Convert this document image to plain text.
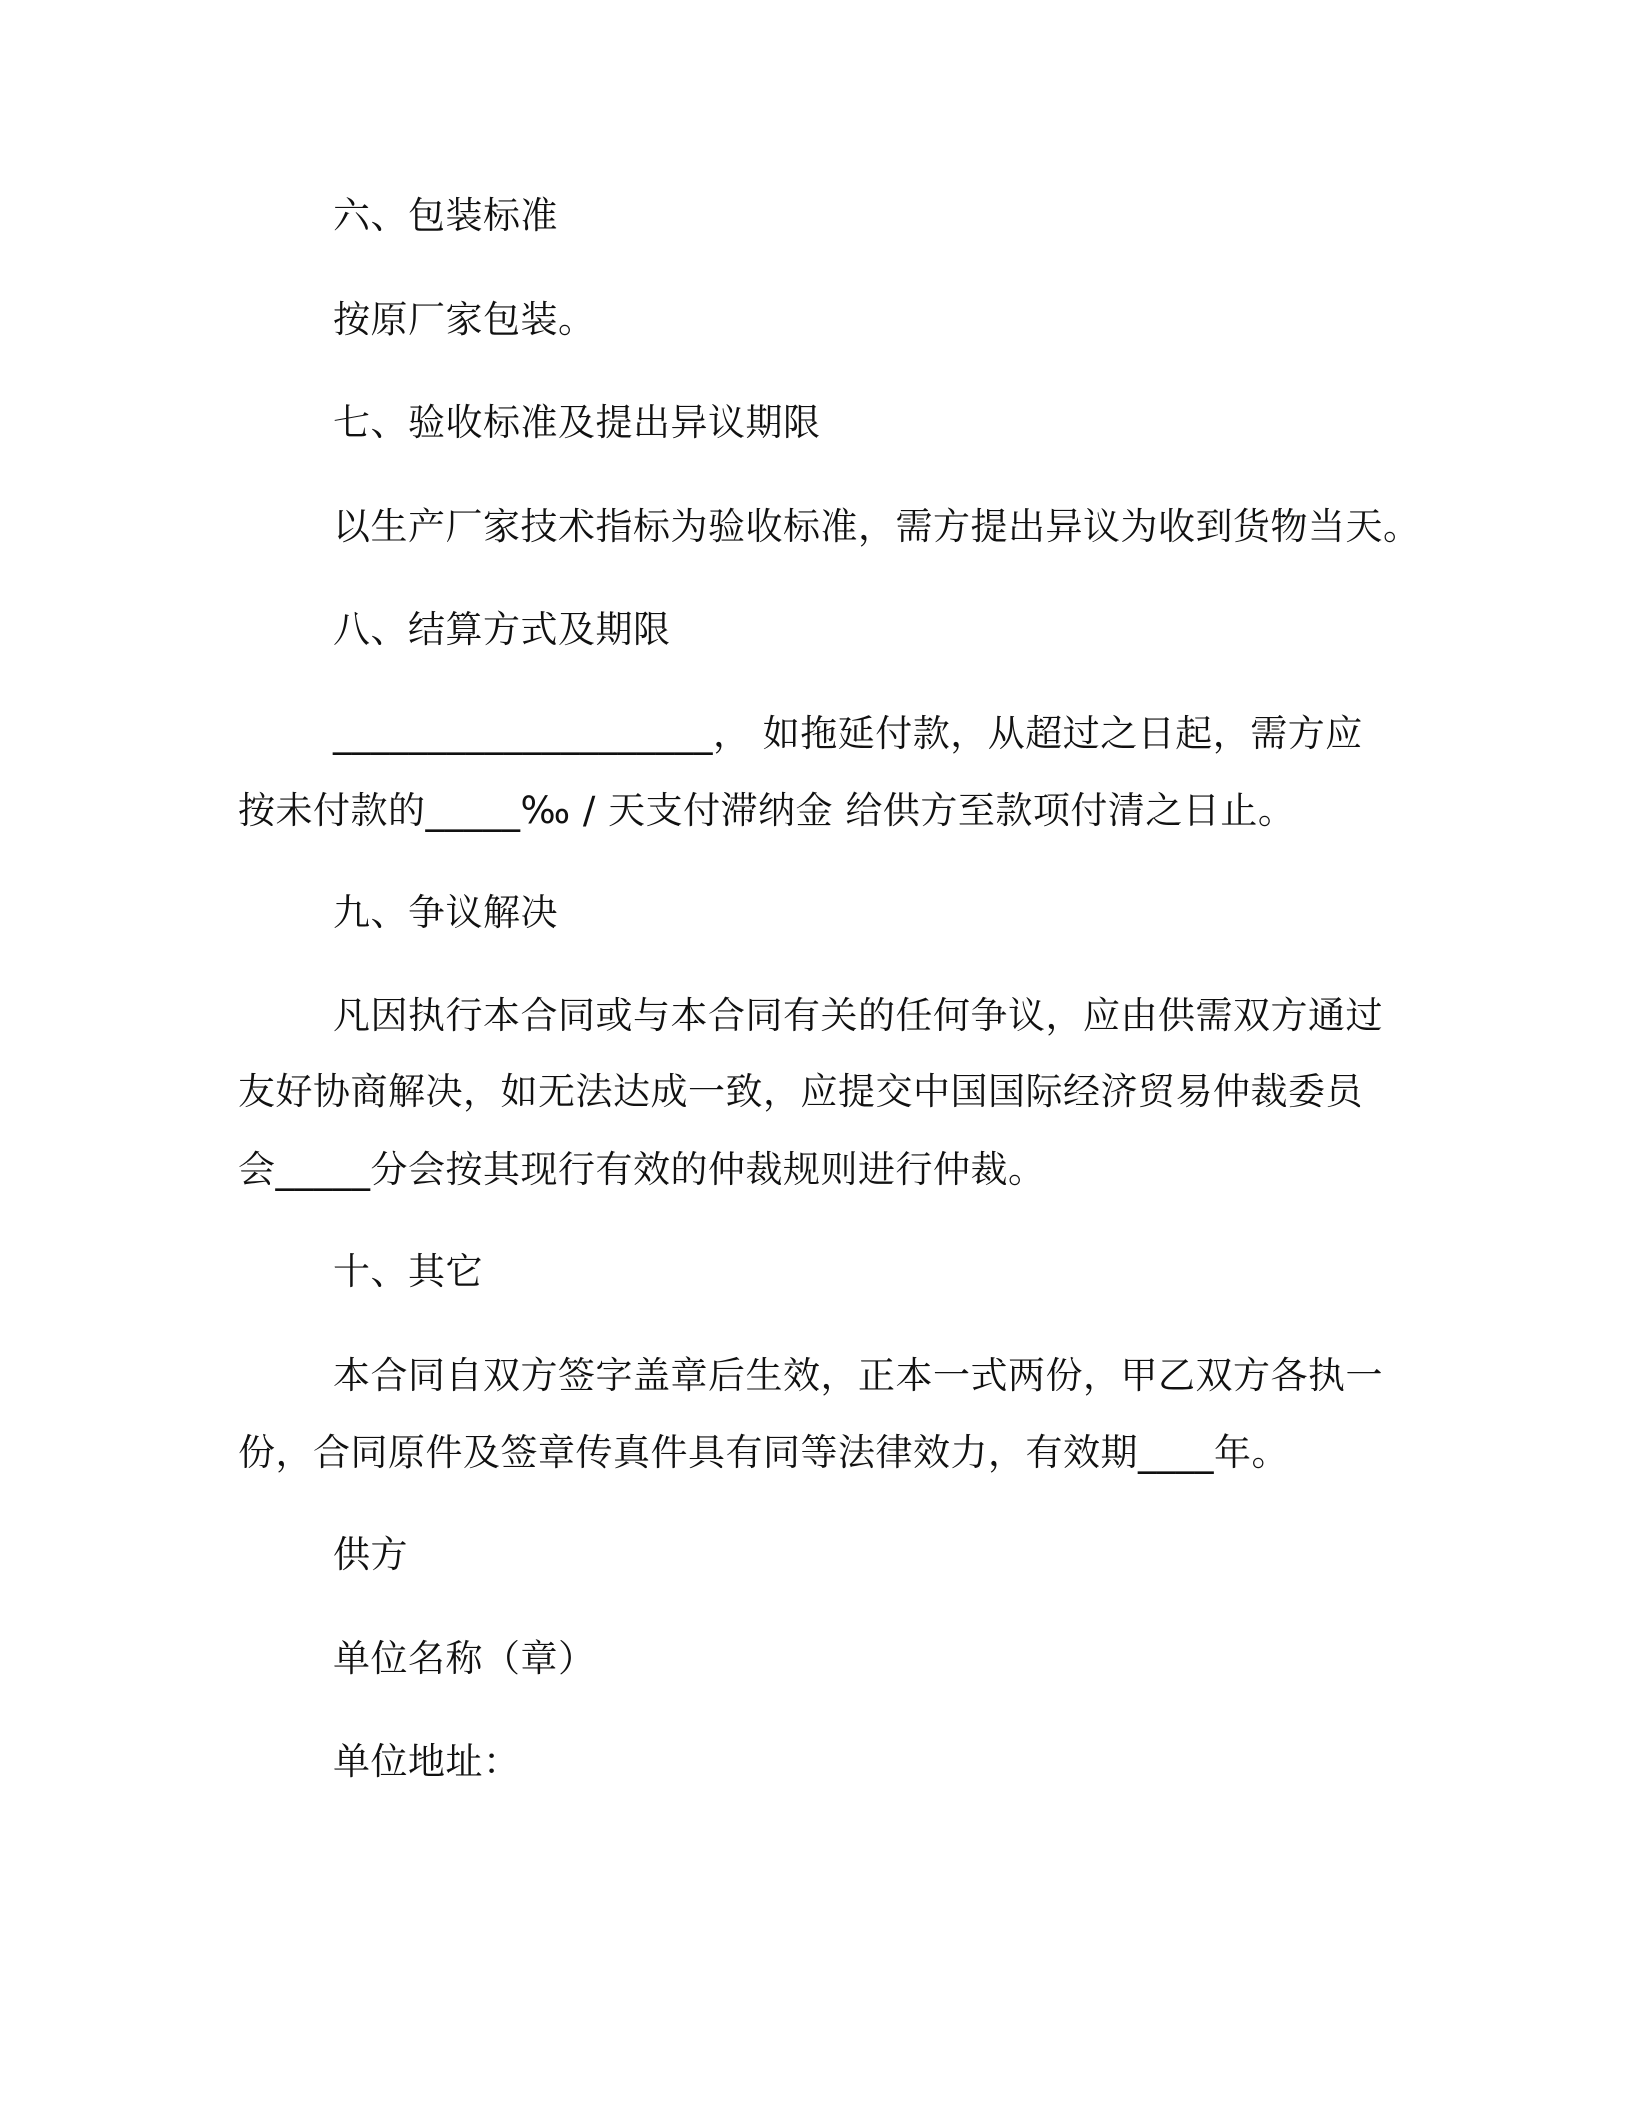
六、包装标准
按原厂家包装。
七、验收标准及提出异议期限
以生产厂家技术指标为验收标准，需方提出异议为收到货物当天。
八、结算方式及期限
____________________， 如拖延付款，从超过之日起，需方应
按未付款的_____‰ / 天支付滞纳金 给供方至款项付清之日止。
九、争议解决
凡因执行本合同或与本合同有关的任何争议，应由供需双方通过
友好协商解决，如无法达成一致，应提交中国国际经济贸易仲裁委员
会_____分会按其现行有效的仲裁规则进行仲裁。
十、其它
本合同自双方签字盖章后生效，正本一式两份，甲乙双方各执一
份，合同原件及签章传真件具有同等法律效力，有效期____年。
供方
单位名称（章）
单位地址：
